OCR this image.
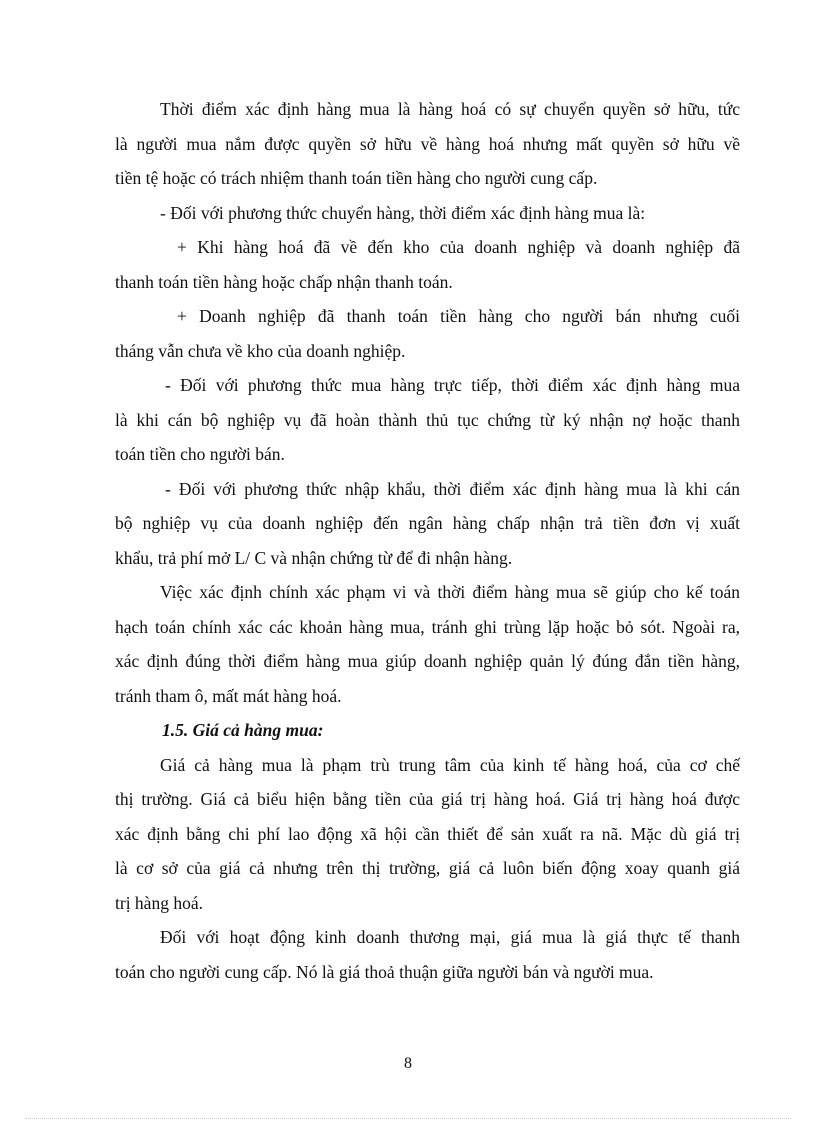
Thời điểm xác định hàng mua là hàng hoá có sự chuyển quyền sở hữu, tức
là người mua nắm được quyền sở hữu về hàng hoá nhưng mất quyền sở hữu về
tiền tệ hoặc có trách nhiệm thanh toán tiền hàng cho người cung cấp.

- Đối với phương thức chuyển hàng, thời điểm xác định hàng mua là:

+ Khi hàng hoá đã về đến kho của doanh nghiệp và doanh nghiệp đã
thanh toán tiền hàng hoặc chấp nhận thanh toán.

+ Doanh nghiệp đã thanh toán tiền hàng cho người bán nhưng cuối
tháng vẫn chưa về kho của doanh nghiệp.

- Đối với phương thức mua hàng trực tiếp, thời điểm xác định hàng mua
là khi cán bộ nghiệp vụ đã hoàn thành thủ tục chứng từ ký nhận nợ hoặc thanh
toán tiền cho người bán.

- Đối với phương thức nhập khẩu, thời điểm xác định hàng mua là khi cán
bộ nghiệp vụ của doanh nghiệp đến ngân hàng chấp nhận trả tiền đơn vị xuất
khẩu, trả phí mở L/ C và nhận chứng từ để đi nhận hàng.

Việc xác định chính xác phạm vi và thời điểm hàng mua sẽ giúp cho kế toán
hạch toán chính xác các khoản hàng mua, tránh ghi trùng lặp hoặc bỏ sót. Ngoài ra,
xác định đúng thời điểm hàng mua giúp doanh nghiệp quản lý đúng đắn tiền hàng,
tránh tham ô, mất mát hàng hoá.

1.5. Giá cả hàng mua:

Giá cả hàng mua là phạm trù trung tâm của kinh tế hàng hoá, của cơ chế
thị trường. Giá cả biểu hiện bằng tiền của giá trị hàng hoá. Giá trị hàng hoá được
xác định bằng chi phí lao động xã hội cần thiết để sản xuất ra nã. Mặc dù giá trị
là cơ sở của giá cả nhưng trên thị trường, giá cả luôn biến động xoay quanh giá
trị hàng hoá.

Đối với hoạt động kinh doanh thương mại, giá mua là giá thực tế thanh
toán cho người cung cấp. Nó là giá thoả thuận giữa người bán và người mua.

8
